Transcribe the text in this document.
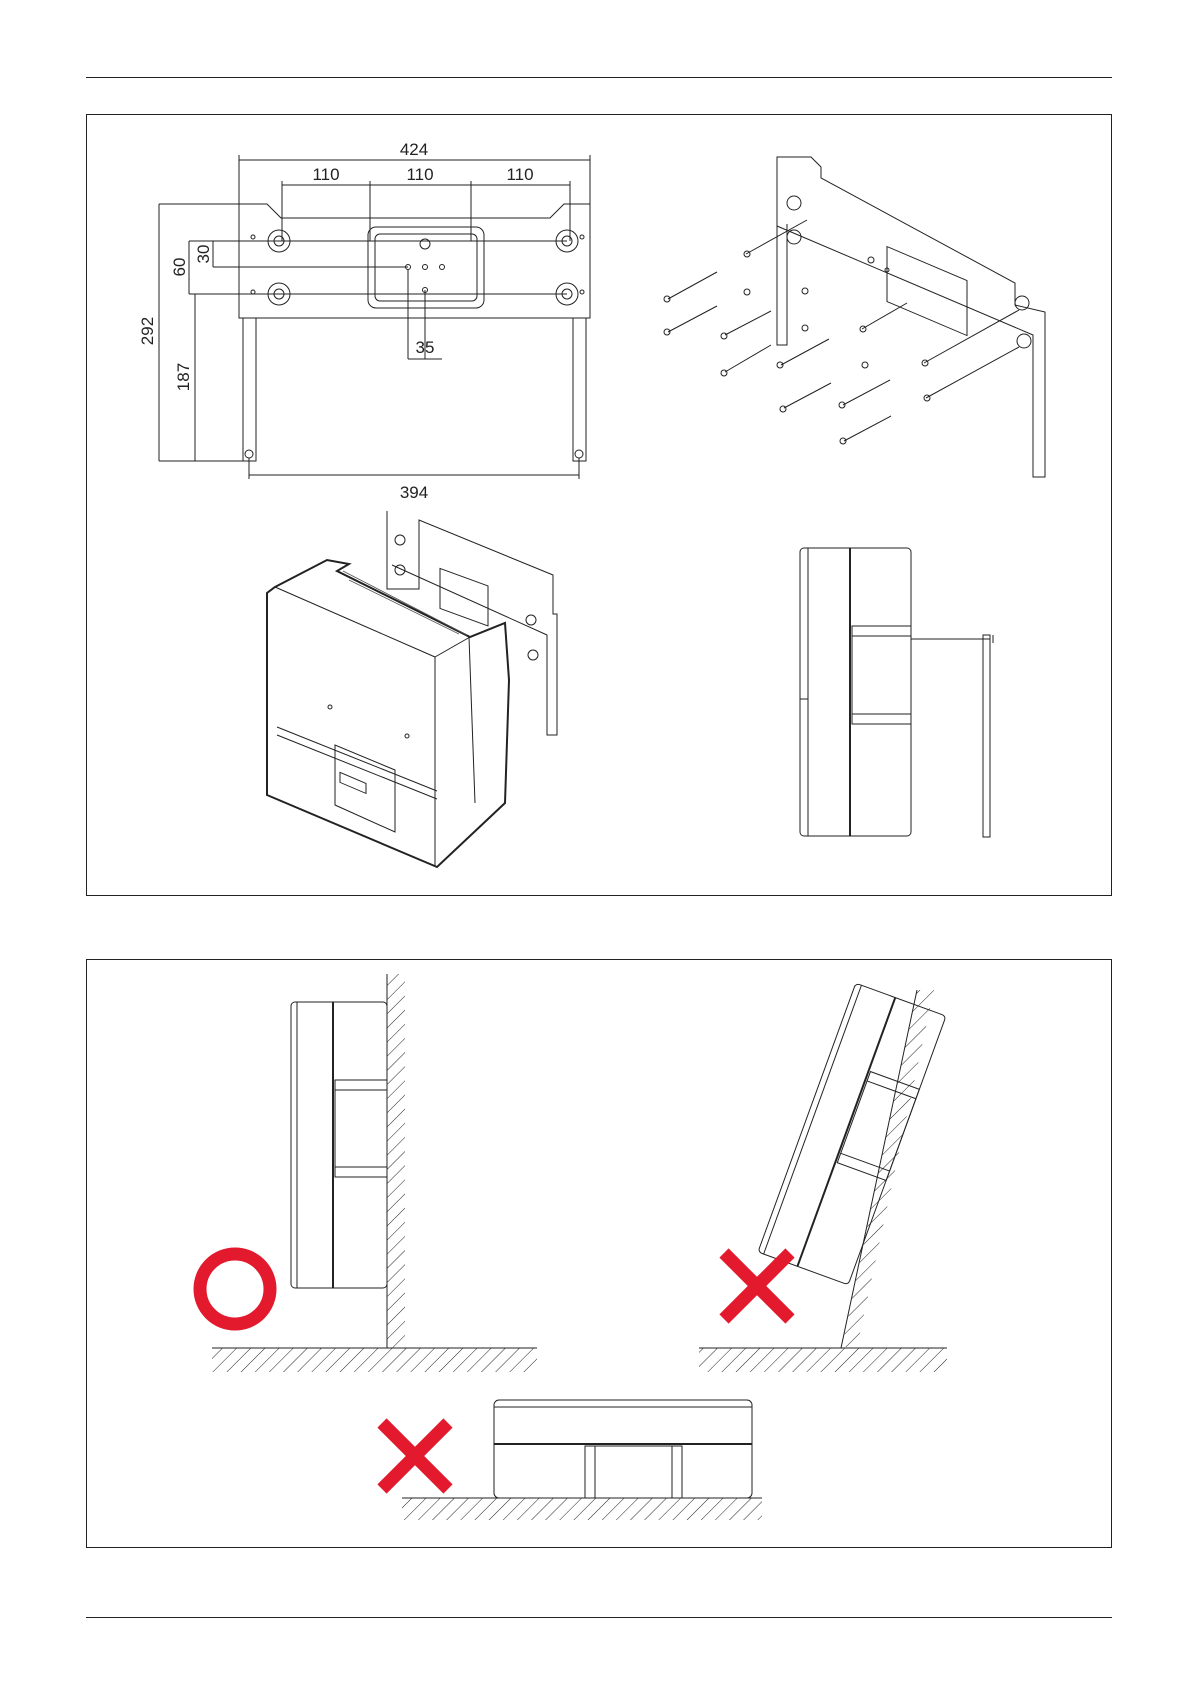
424
110	110	110
394
35
292
60
30
187
